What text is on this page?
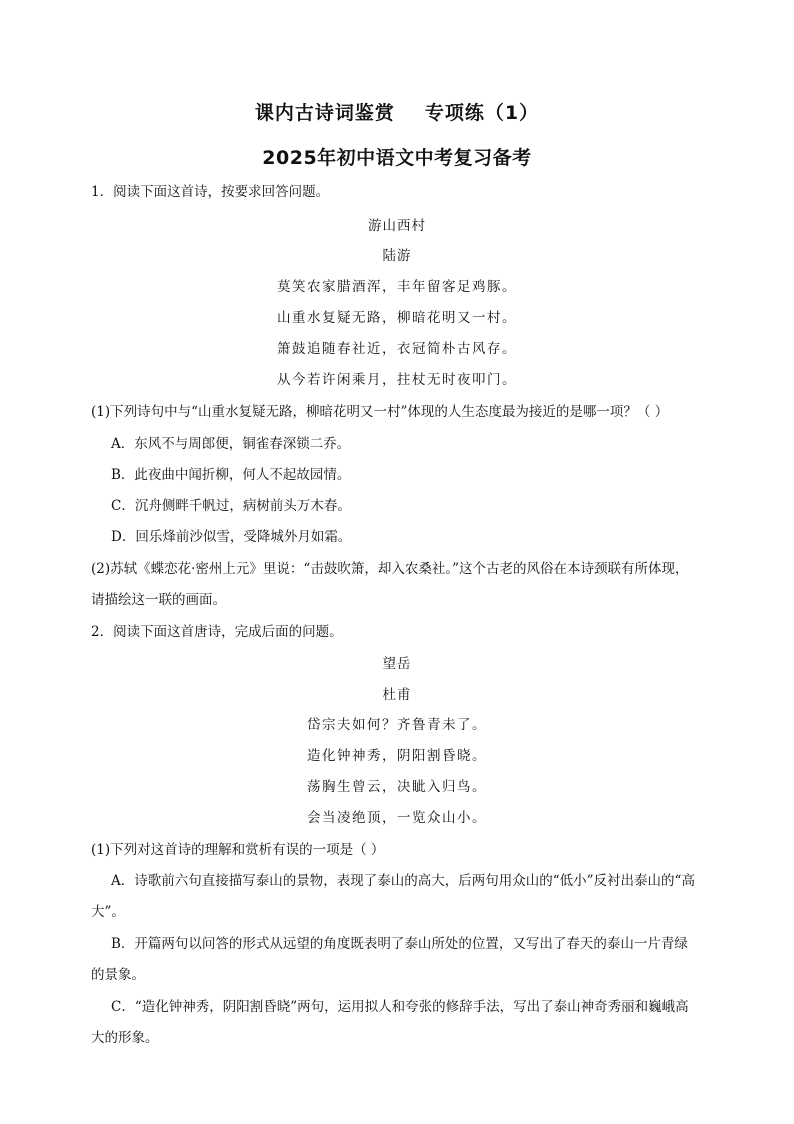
课内古诗词鉴赏 专项练（1）
2025年初中语文中考复习备考
1．阅读下面这首诗，按要求回答问题。
游山西村
陆游
莫笑农家腊酒浑，丰年留客足鸡豚。
山重水复疑无路，柳暗花明又一村。
箫鼓追随春社近，衣冠简朴古风存。
从今若许闲乘月，拄杖无时夜叩门。
(1)下列诗句中与“山重水复疑无路，柳暗花明又一村”体现的人生态度最为接近的是哪一项？（ ）
A．东风不与周郎便，铜雀春深锁二乔。
B．此夜曲中闻折柳，何人不起故园情。
C．沉舟侧畔千帆过，病树前头万木春。
D．回乐烽前沙似雪，受降城外月如霜。
(2)苏轼《蝶恋花·密州上元》里说：“击鼓吹箫，却入农桑社。”这个古老的风俗在本诗颈联有所体现，
请描绘这一联的画面。
2．阅读下面这首唐诗，完成后面的问题。
望岳
杜甫
岱宗夫如何？齐鲁青未了。
造化钟神秀，阴阳割昏晓。
荡胸生曾云，决眦入归鸟。
会当凌绝顶，一览众山小。
(1)下列对这首诗的理解和赏析有误的一项是（ ）
A．诗歌前六句直接描写泰山的景物，表现了泰山的高大，后两句用众山的“低小”反衬出泰山的“高
大”。
B．开篇两句以问答的形式从远望的角度既表明了泰山所处的位置，又写出了春天的泰山一片青绿
的景象。
C．“造化钟神秀，阴阳割昏晓”两句，运用拟人和夸张的修辞手法，写出了泰山神奇秀丽和巍峨高
大的形象。
